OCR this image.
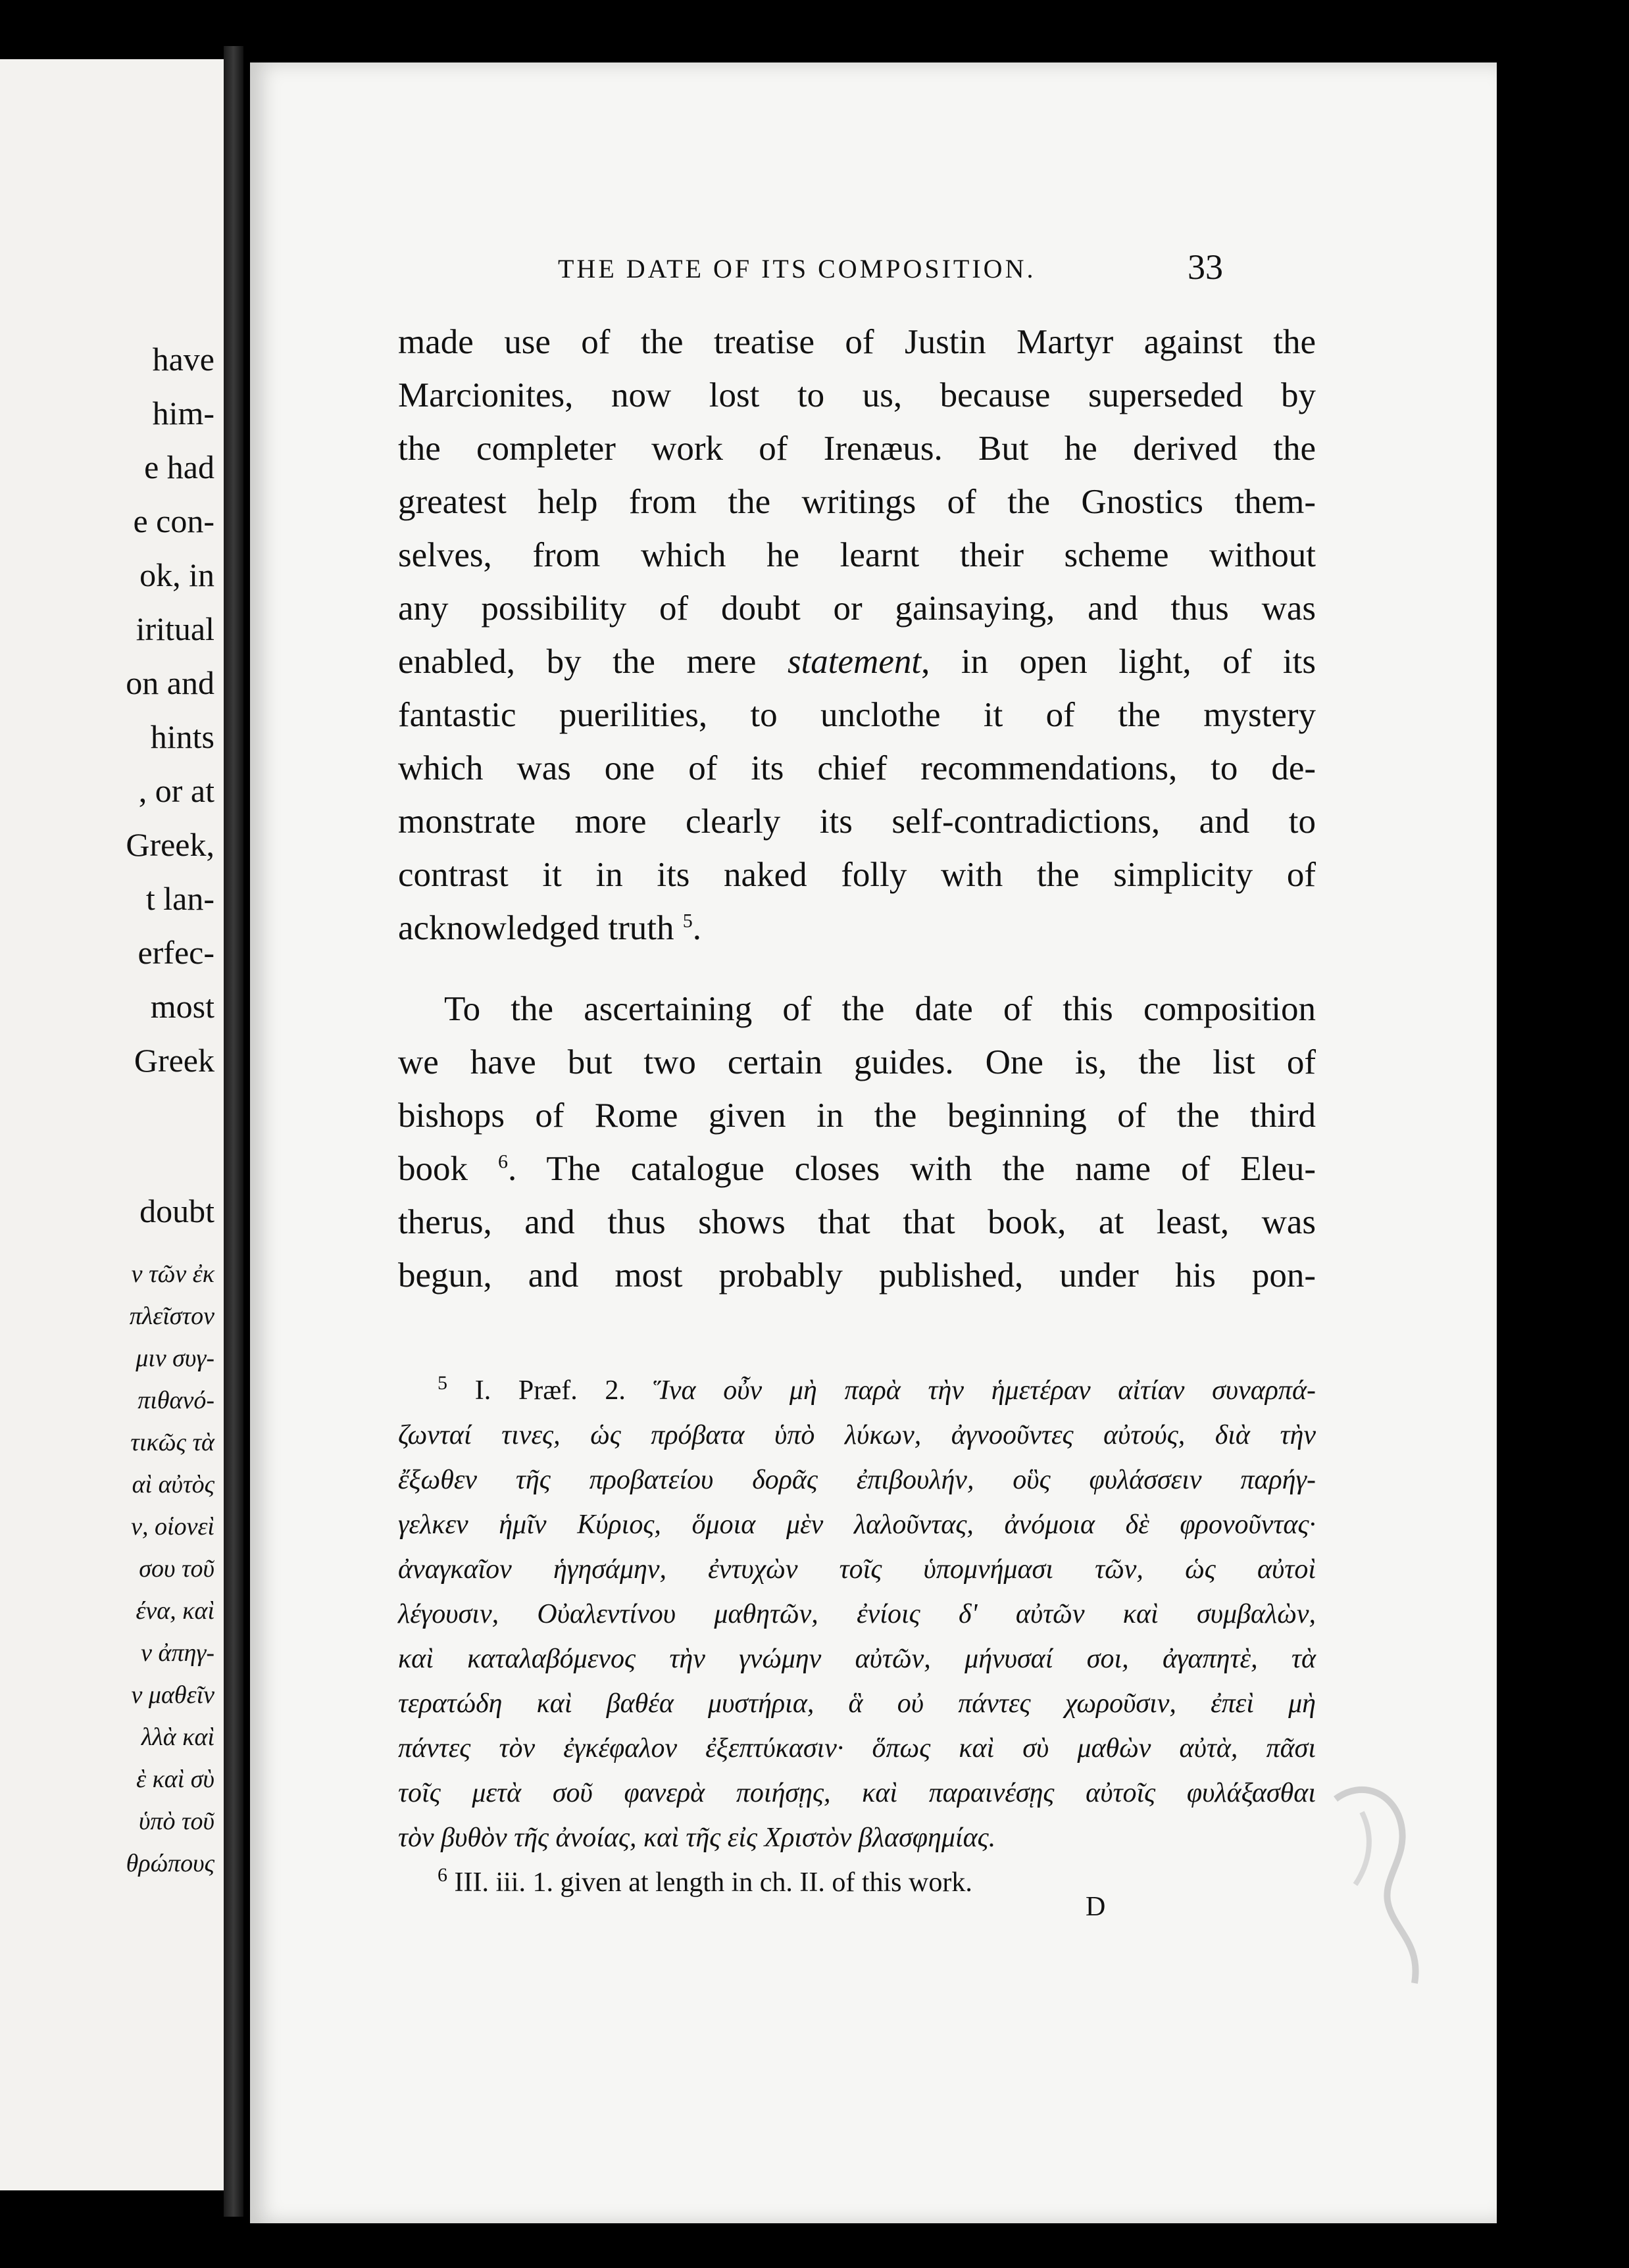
have
him-
e had
e con-
ok, in
iritual
on and
hints
, or at
Greek,
t lan-
erfec-
most
Greek
doubt
ν τῶν ἐκ
πλεῖστον
μιν συγ-
πιθανό-
τικῶς τὰ
αὶ αὐτὸς
ν, οἱονεὶ
σου τοῦ
ένα, καὶ
ν ἀπηγ-
ν μαθεῖν
λλὰ καὶ
ὲ καὶ σὺ
ὑπὸ τοῦ
θρώπους
THE DATE OF ITS COMPOSITION.	33
made use of the treatise of Justin Martyr against the
Marcionites, now lost to us, because superseded by
the completer work of Irenæus. But he derived the
greatest help from the writings of the Gnostics them-
selves, from which he learnt their scheme without
any possibility of doubt or gainsaying, and thus was
enabled, by the mere statement, in open light, of its
fantastic puerilities, to unclothe it of the mystery
which was one of its chief recommendations, to de-
monstrate more clearly its self-contradictions, and to
contrast it in its naked folly with the simplicity of
acknowledged truth $^5$.
To the ascertaining of the date of this composition
we have but two certain guides. One is, the list of
bishops of Rome given in the beginning of the third
book $^6$. The catalogue closes with the name of Eleu-
therus, and thus shows that that book, at least, was
begun, and most probably published, under his pon-
$^5$ I. Præf. 2. Ἵνα οὖν μὴ παρὰ τὴν ἡμετέραν αἰτίαν συναρπά-
ζωνταί τινες, ὡς πρόβατα ὑπὸ λύκων, ἀγνοοῦντες αὐτούς, διὰ τὴν
ἔξωθεν τῆς προβατείου δορᾶς ἐπιβουλήν, οὓς φυλάσσειν παρήγ-
γελκεν ἡμῖν Κύριος, ὅμοια μὲν λαλοῦντας, ἀνόμοια δὲ φρονοῦντας·
ἀναγκαῖον ἡγησάμην, ἐντυχὼν τοῖς ὑπομνήμασι τῶν, ὡς αὐτοὶ
λέγουσιν, Οὐαλεντίνου μαθητῶν, ἐνίοις δ' αὐτῶν καὶ συμβαλὼν,
καὶ καταλαβόμενος τὴν γνώμην αὐτῶν, μήνυσαί σοι, ἀγαπητὲ, τὰ
τερατώδη καὶ βαθέα μυστήρια, ἃ οὐ πάντες χωροῦσιν, ἐπεὶ μὴ
πάντες τὸν ἐγκέφαλον ἐξεπτύκασιν· ὅπως καὶ σὺ μαθὼν αὐτὰ, πᾶσι
τοῖς μετὰ σοῦ φανερὰ ποιήσῃς, καὶ παραινέσῃς αὐτοῖς φυλάξασθαι
τὸν βυθὸν τῆς ἀνοίας, καὶ τῆς εἰς Χριστὸν βλασφημίας.
$^6$ III. iii. 1. given at length in ch. II. of this work.
D
